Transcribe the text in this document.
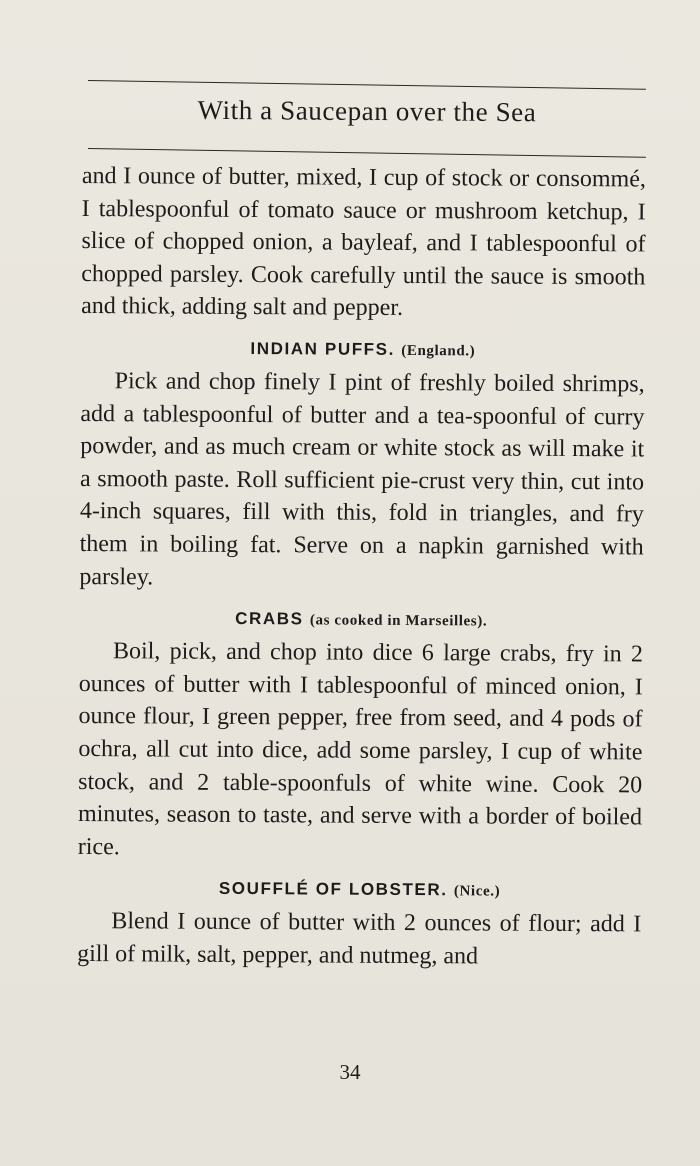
With a Saucepan over the Sea

and I ounce of butter, mixed, I cup of stock or consommé, I tablespoonful of tomato sauce or mushroom ketchup, I slice of chopped onion, a bayleaf, and I tablespoonful of chopped parsley. Cook carefully until the sauce is smooth and thick, adding salt and pepper.

INDIAN PUFFS. (England.)

Pick and chop finely I pint of freshly boiled shrimps, add a tablespoonful of butter and a tea-spoonful of curry powder, and as much cream or white stock as will make it a smooth paste. Roll sufficient pie-crust very thin, cut into 4-inch squares, fill with this, fold in triangles, and fry them in boiling fat. Serve on a napkin garnished with parsley.

CRABS (as cooked in Marseilles).

Boil, pick, and chop into dice 6 large crabs, fry in 2 ounces of butter with I tablespoonful of minced onion, I ounce flour, I green pepper, free from seed, and 4 pods of ochra, all cut into dice, add some parsley, I cup of white stock, and 2 table-spoonfuls of white wine. Cook 20 minutes, season to taste, and serve with a border of boiled rice.

SOUFFLÉ OF LOBSTER. (Nice.)

Blend I ounce of butter with 2 ounces of flour; add I gill of milk, salt, pepper, and nutmeg, and

34
